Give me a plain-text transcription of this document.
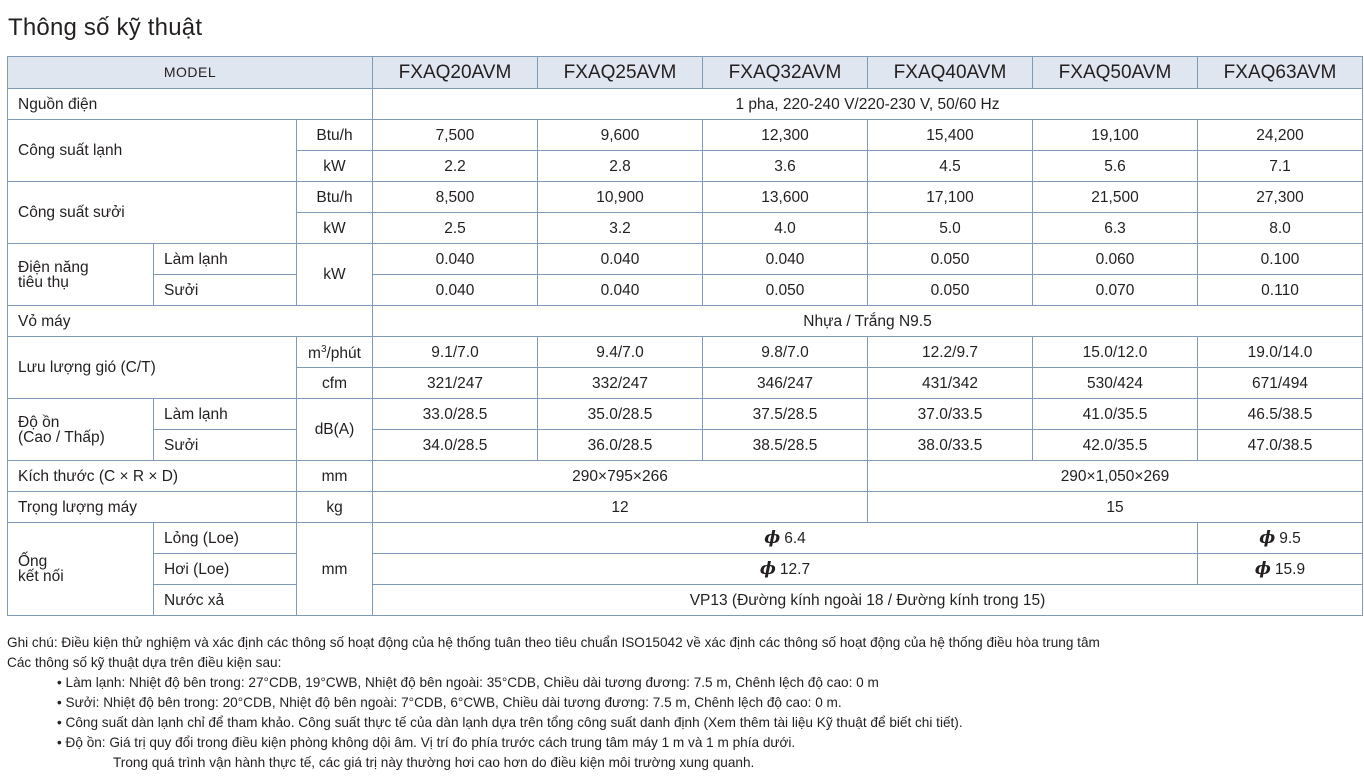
Thông số kỹ thuật
MODEL			FXAQ20AVM	FXAQ25AVM	FXAQ32AVM	FXAQ40AVM	FXAQ50AVM	FXAQ63AVM
Nguồn điện			1 pha, 220-240 V/220-230 V, 50/60 Hz					
Công suất lạnh		Btu/h	7,500	9,600	12,300	15,400	19,100	24,200
		kW	2.2	2.8	3.6	4.5	5.6	7.1
Công suất sưởi		Btu/h	8,500	10,900	13,600	17,100	21,500	27,300
		kW	2.5	3.2	4.0	5.0	6.3	8.0

Điện năng
tiêu thụ	Làm lạnh	kW	0.040	0.040	0.040	0.050	0.060	0.100
	Sưởi		0.040	0.040	0.050	0.050	0.070	0.110
Vỏ máy			Nhựa / Trắng N9.5					
Lưu lượng gió (C/T)		$m^3$/phút	9.1/7.0	9.4/7.0	9.8/7.0	12.2/9.7	15.0/12.0	19.0/14.0
		cfm	321/247	332/247	346/247	431/342	530/424	671/494

Độ ồn
(Cao / Thấp)	Làm lạnh	dB(A)	33.0/28.5	35.0/28.5	37.5/28.5	37.0/33.5	41.0/35.5	46.5/38.5
	Sưởi		34.0/28.5	36.0/28.5	38.5/28.5	38.0/33.5	42.0/35.5	47.0/38.5
Kích thước (C × R × D)		mm	290×795×266			290×1,050×269		
Trọng lượng máy		kg	12			15		

Ống
kết nối	Lỏng (Loe)	mm	ϕ 6.4					ϕ 9.5
	Hơi (Loe)		ϕ 12.7					ϕ 15.9
	Nước xả		VP13 (Đường kính ngoài 18 / Đường kính trong 15)					
Ghi chú: Điều kiện thử nghiệm và xác định các thông số hoạt động của hệ thống tuân theo tiêu chuẩn ISO15042 về xác định các thông số hoạt động của hệ thống điều hòa trung tâm
Các thông số kỹ thuật dựa trên điều kiện sau:
• Làm lạnh: Nhiệt độ bên trong: 27°CDB, 19°CWB, Nhiệt độ bên ngoài: 35°CDB, Chiều dài tương đương: 7.5 m, Chênh lệch độ cao: 0 m
• Sưởi: Nhiệt độ bên trong: 20°CDB, Nhiệt độ bên ngoài: 7°CDB, 6°CWB, Chiều dài tương đương: 7.5 m, Chênh lệch độ cao: 0 m.
• Công suất dàn lạnh chỉ để tham khảo. Công suất thực tế của dàn lạnh dựa trên tổng công suất danh định (Xem thêm tài liệu Kỹ thuật để biết chi tiết).
• Độ ồn: Giá trị quy đổi trong điều kiện phòng không dội âm. Vị trí đo phía trước cách trung tâm máy 1 m và 1 m phía dưới.
Trong quá trình vận hành thực tế, các giá trị này thường hơi cao hơn do điều kiện môi trường xung quanh.
